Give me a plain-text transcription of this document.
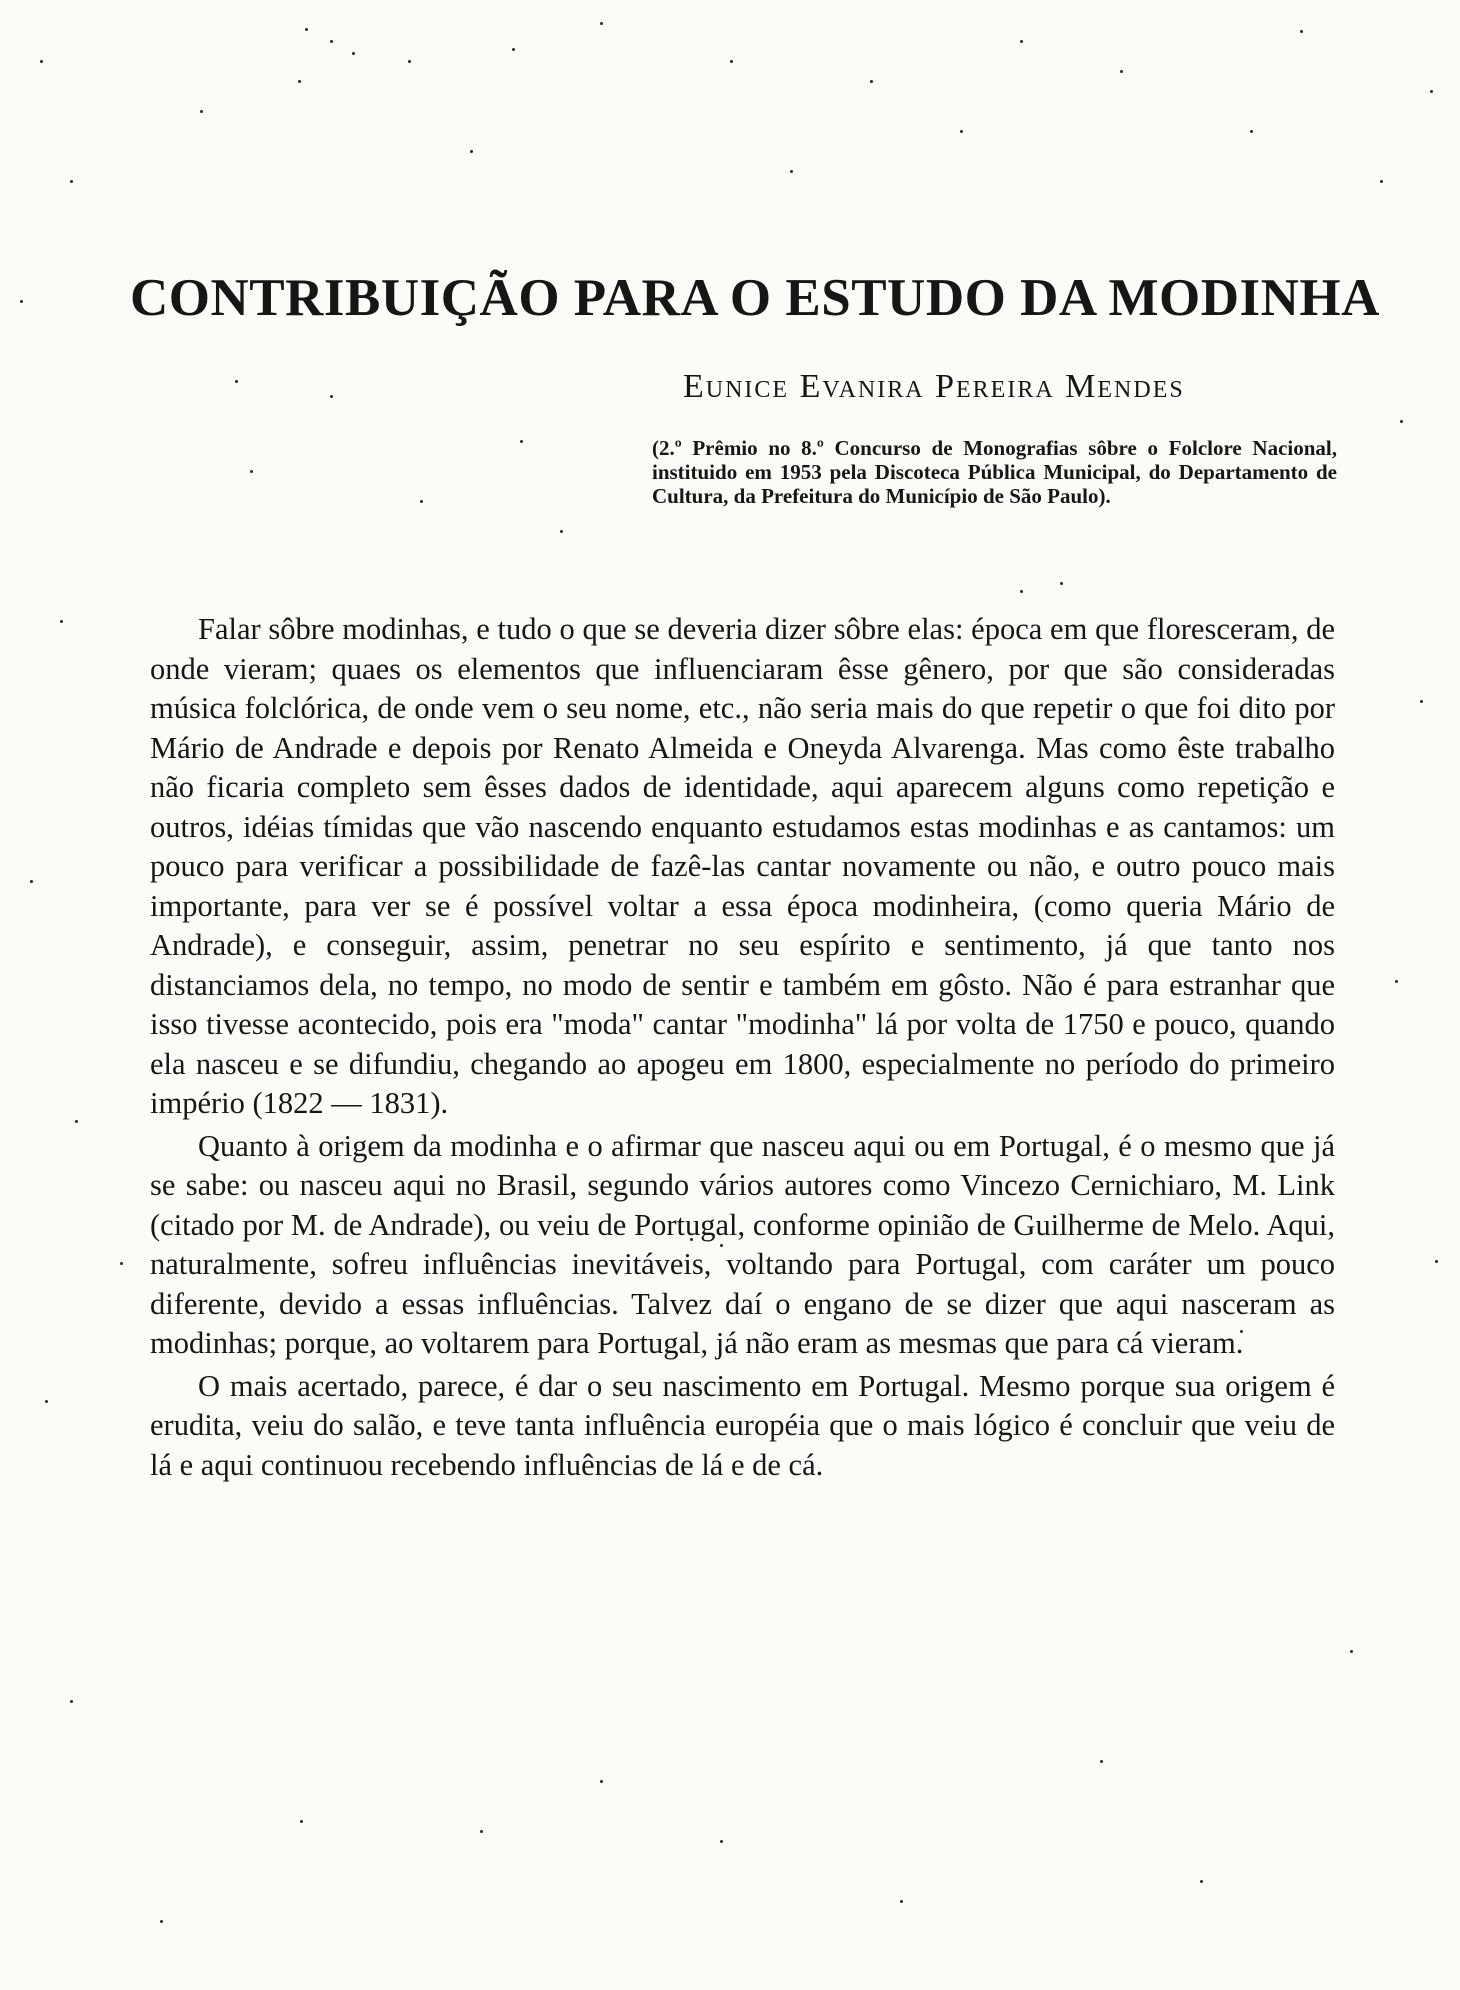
CONTRIBUIÇÃO PARA O ESTUDO DA MODINHA
Eunice Evanira Pereira Mendes

(2.º Prêmio no 8.º Concurso de Monografias sôbre o Folclore Nacional, instituido em 1953 pela Discoteca Pública Municipal, do Departamento de Cultura, da Prefeitura do Município de São Paulo).

Falar sôbre modinhas, e tudo o que se deveria dizer sôbre elas: época em que floresceram, de onde vieram; quaes os elementos que influenciaram êsse gênero, por que são consideradas música folclórica, de onde vem o seu nome, etc., não seria mais do que repetir o que foi dito por Mário de Andrade e depois por Renato Almeida e Oneyda Alvarenga. Mas como êste trabalho não ficaria completo sem êsses dados de identidade, aqui aparecem alguns como repetição e outros, idéias tímidas que vão nascendo enquanto estudamos estas modinhas e as cantamos: um pouco para verificar a possibilidade de fazê-las cantar novamente ou não, e outro pouco mais importante, para ver se é possível voltar a essa época modinheira, (como queria Mário de Andrade), e conseguir, assim, penetrar no seu espírito e sentimento, já que tanto nos distanciamos dela, no tempo, no modo de sentir e também em gôsto. Não é para estranhar que isso tivesse acontecido, pois era "moda" cantar "modinha" lá por volta de 1750 e pouco, quando ela nasceu e se difundiu, chegando ao apogeu em 1800, especialmente no período do primeiro império (1822 — 1831).

Quanto à origem da modinha e o afirmar que nasceu aqui ou em Portugal, é o mesmo que já se sabe: ou nasceu aqui no Brasil, segundo vários autores como Vincezo Cernichiaro, M. Link (citado por M. de Andrade), ou veiu de Portugal, conforme opinião de Guilherme de Melo. Aqui, naturalmente, sofreu influências inevitáveis, voltando para Portugal, com caráter um pouco diferente, devido a essas influências. Talvez daí o engano de se dizer que aqui nasceram as modinhas; porque, ao voltarem para Portugal, já não eram as mesmas que para cá vieram.

O mais acertado, parece, é dar o seu nascimento em Portugal. Mesmo porque sua origem é erudita, veiu do salão, e teve tanta influência européia que o mais lógico é concluir que veiu de lá e aqui continuou recebendo influências de lá e de cá.
